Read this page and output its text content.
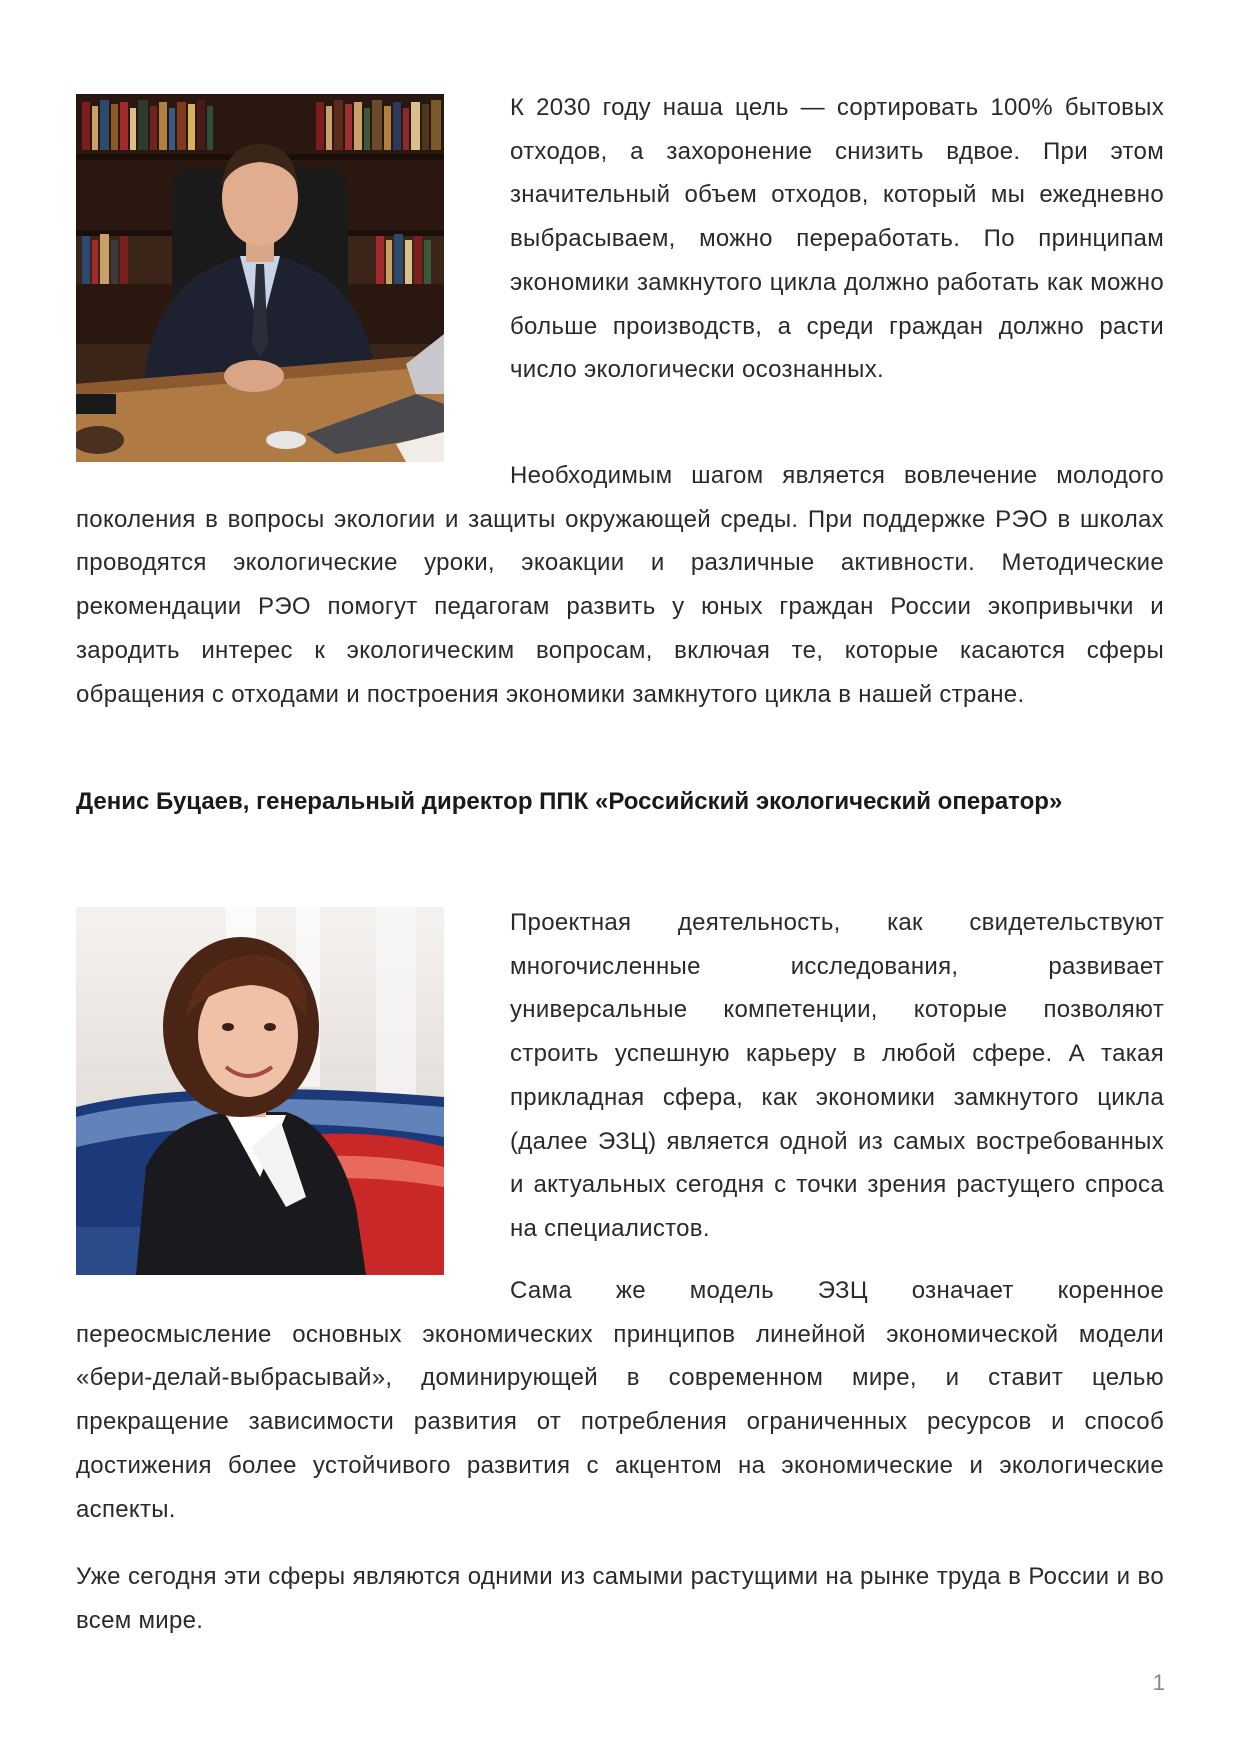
К 2030 году наша цель — сортировать 100% бытовых отходов, а захоронение снизить вдвое. При этом значительный объем отходов, который мы ежедневно выбрасываем, можно переработать. По принципам экономики замкнутого цикла должно работать как можно больше производств, а среди граждан должно расти число экологически осознанных.

Необходимым шагом является вовлечение молодого поколения в вопросы экологии и защиты окружающей среды. При поддержке РЭО в школах проводятся экологические уроки, экоакции и различные активности. Методические рекомендации РЭО помогут педагогам развить у юных граждан России экопривычки и зародить интерес к экологическим вопросам, включая те, которые касаются сферы обращения с отходами и построения экономики замкнутого цикла в нашей стране.

Денис Буцаев, генеральный директор ППК «Российский экологический оператор»

Проектная деятельность, как свидетельствуют многочисленные исследования, развивает универсальные компетенции, которые позволяют строить успешную карьеру в любой сфере. А такая прикладная сфера, как экономики замкнутого цикла (далее ЭЗЦ) является одной из самых востребованных и актуальных сегодня с точки зрения растущего спроса на специалистов.

Сама же модель ЭЗЦ означает коренное переосмысление основных экономических принципов линейной экономической модели «бери-делай-выбрасывай», доминирующей в современном мире, и ставит целью прекращение зависимости развития от потребления ограниченных ресурсов и способ достижения более устойчивого развития с акцентом на экономические и экологические аспекты.

Уже сегодня эти сферы являются одними из самыми растущими на рынке труда в России и во всем мире.

1
